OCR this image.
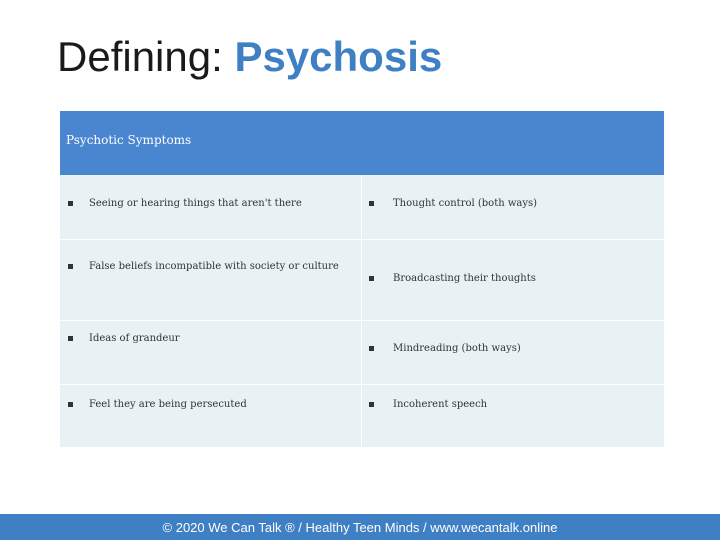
Defining: Psychosis
Psychotic Symptoms
Seeing or hearing things that aren't there	Thought control (both ways)
False beliefs incompatible with society or culture
Broadcasting their thoughts
Ideas of grandeur
Mindreading (both ways)
Feel they are being persecuted	Incoherent speech
© 2020 We Can Talk ® / Healthy Teen Minds / www.wecantalk.online
